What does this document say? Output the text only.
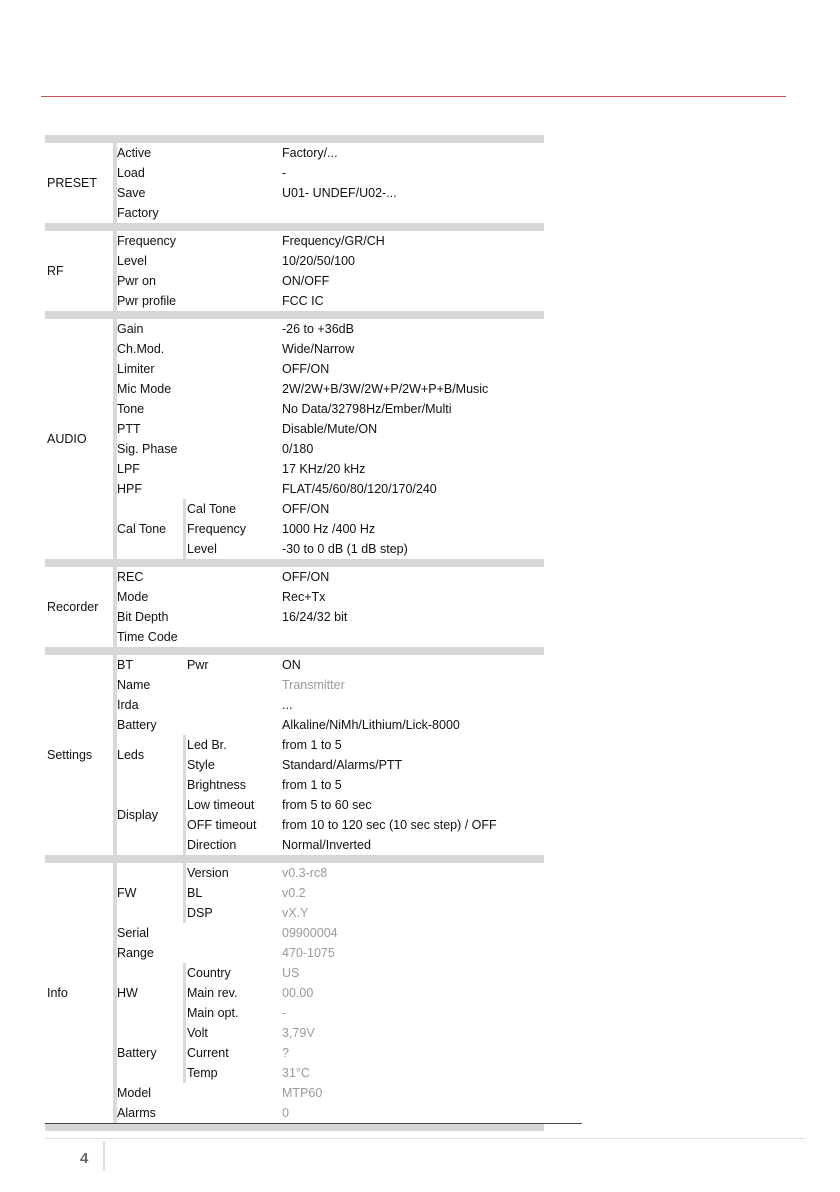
PRESET
Active	Factory/...
Load	-
Save	U01- UNDEF/U02-...
Factory
RF
Frequency	Frequency/GR/CH
Level	10/20/50/100
Pwr on	ON/OFF
Pwr profile	FCC IC
AUDIO
Gain	-26 to +36dB
Ch.Mod.	Wide/Narrow
Limiter	OFF/ON
Mic Mode	2W/2W+B/3W/2W+P/2W+P+B/Music
Tone	No Data/32798Hz/Ember/Multi
PTT	Disable/Mute/ON
Sig. Phase	0/180
LPF	17 KHz/20 kHz
HPF	FLAT/45/60/80/120/170/240
Cal Tone
Cal Tone	OFF/ON
Frequency	1000 Hz /400 Hz
Level	-30 to 0 dB (1 dB step)
Recorder
REC	OFF/ON
Mode	Rec+Tx
Bit Depth	16/24/32 bit
Time Code
Settings
BT	Pwr	ON
Name	Transmitter
Irda	...
Battery	Alkaline/NiMh/Lithium/Lick-8000
Leds
Led Br.	from 1 to 5
Style	Standard/Alarms/PTT
Display
Brightness	from 1 to 5
Low timeout from 5 to 60 sec
OFF timeout from 10 to 120 sec (10 sec step) / OFF
Direction	Normal/Inverted
Info
FW
Version	v0.3-rc8
BL	v0.2
DSP	vX.Y
Serial	09900004
Range	470-1075
HW
Country	US
Main rev.	00.00
Main opt.	-
Battery
Volt	3,79V
Current	?
Temp	31°C
Model	MTP60
Alarms	0
4
